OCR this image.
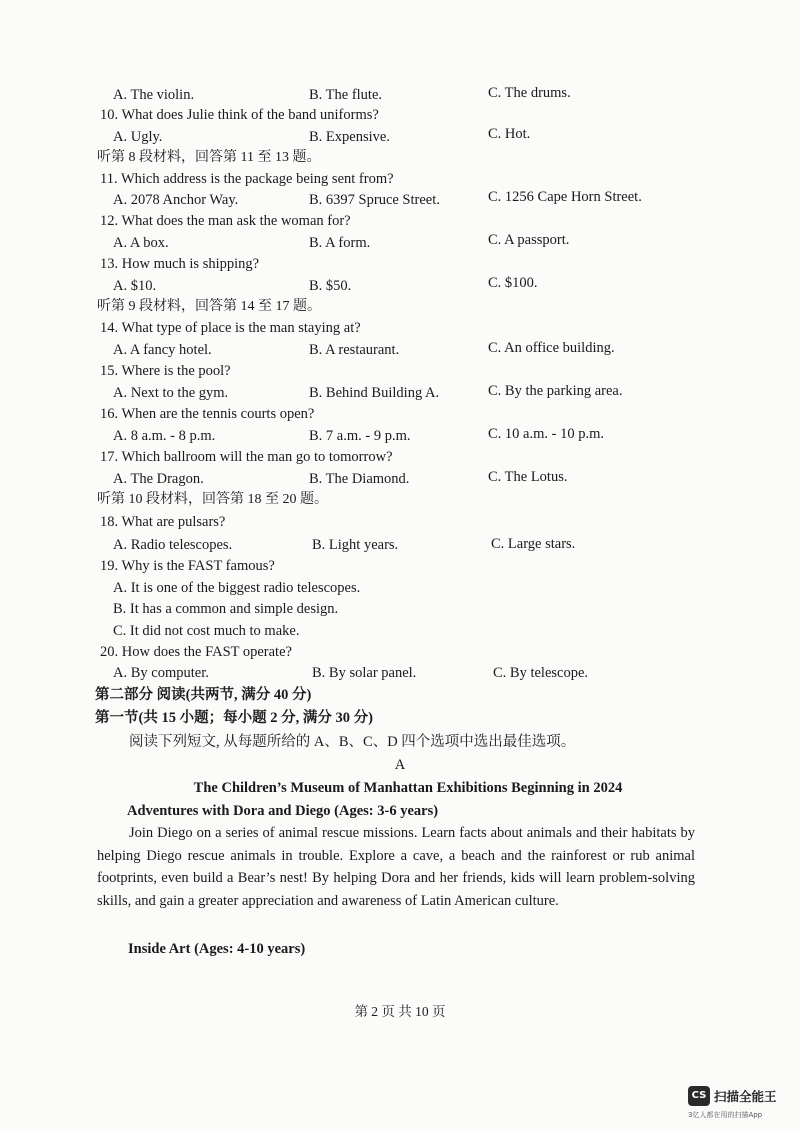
A. The violin.	B. The flute.	C. The drums.
10. What does Julie think of the band uniforms?
A. Ugly.	B. Expensive.	C. Hot.
听第 8 段材料，回答第 11 至 13 题。
11. Which address is the package being sent from?
A. 2078 Anchor Way.	B. 6397 Spruce Street.	C. 1256 Cape Horn Street.
12. What does the man ask the woman for?
A. A box.	B. A form.	C. A passport.
13. How much is shipping?
A. $10.	B. $50.	C. $100.
听第 9 段材料，回答第 14 至 17 题。
14. What type of place is the man staying at?
A. A fancy hotel.	B. A restaurant.	C. An office building.
15. Where is the pool?
A. Next to the gym.	B. Behind Building A.	C. By the parking area.
16. When are the tennis courts open?
A. 8 a.m. - 8 p.m.	B. 7 a.m. - 9 p.m.	C. 10 a.m. - 10 p.m.
17. Which ballroom will the man go to tomorrow?
A. The Dragon.	B. The Diamond.	C. The Lotus.
听第 10 段材料，回答第 18 至 20 题。
18. What are pulsars?
A. Radio telescopes.	B. Light years.	C. Large stars.
19. Why is the FAST famous?
A. It is one of the biggest radio telescopes.
B. It has a common and simple design.
C. It did not cost much to make.
20. How does the FAST operate?
A. By computer.	B. By solar panel.	C. By telescope.
第二部分 阅读(共两节, 满分 40 分)
第一节(共 15 小题；每小题 2 分, 满分 30 分)
阅读下列短文, 从每题所给的 A、B、C、D 四个选项中选出最佳选项。
A
The Children’s Museum of Manhattan Exhibitions Beginning in 2024
Adventures with Dora and Diego (Ages: 3-6 years)
Join Diego on a series of animal rescue missions. Learn facts about animals and their habitats by helping Diego rescue animals in trouble. Explore a cave, a beach and the rainforest or rub animal footprints, even build a Bear’s nest! By helping Dora and her friends, kids will learn problem-solving skills, and gain a greater appreciation and awareness of Latin American culture.
Inside Art (Ages: 4-10 years)
第 2 页 共 10 页
CS 扫描全能王
3亿人都在用的扫描App
